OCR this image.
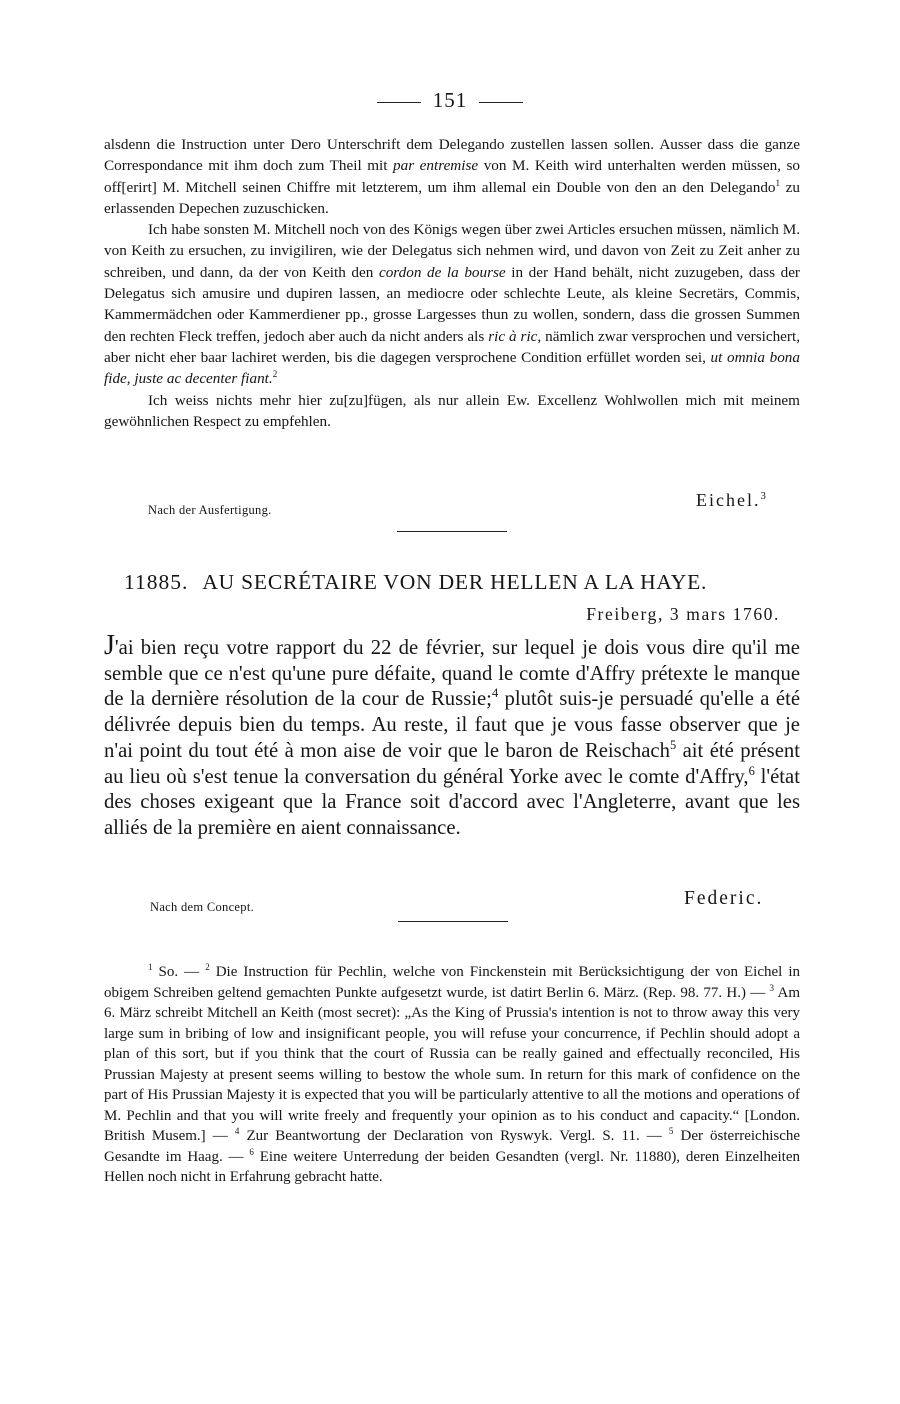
151

alsdenn die Instruction unter Dero Unterschrift dem Delegando zustellen lassen sollen. Ausser dass die ganze Correspondance mit ihm doch zum Theil mit par entremise von M. Keith wird unterhalten werden müssen, so off[erirt] M. Mitchell seinen Chiffre mit letzterem, um ihm allemal ein Double von den an den Delegando$^1$ zu erlassenden Depechen zuzuschicken.

Ich habe sonsten M. Mitchell noch von des Königs wegen über zwei Articles ersuchen müssen, nämlich M. von Keith zu ersuchen, zu invigiliren, wie der Delegatus sich nehmen wird, und davon von Zeit zu Zeit anher zu schreiben, und dann, da der von Keith den cordon de la bourse in der Hand behält, nicht zuzugeben, dass der Delegatus sich amusire und dupiren lassen, an mediocre oder schlechte Leute, als kleine Secretärs, Commis, Kammermädchen oder Kammerdiener pp., grosse Largesses thun zu wollen, sondern, dass die grossen Summen den rechten Fleck treffen, jedoch aber auch da nicht anders als ric à ric, nämlich zwar versprochen und versichert, aber nicht eher baar lachiret werden, bis die dagegen versprochene Condition erfüllet worden sei, ut omnia bona fide, juste ac decenter fiant.$^2$

Ich weiss nichts mehr hier zu[zu]fügen, als nur allein Ew. Excellenz Wohlwollen mich mit meinem gewöhnlichen Respect zu empfehlen.

Nach der Ausfertigung.	Eichel.$^3$
11885. AU SECRÉTAIRE VON DER HELLEN A LA HAYE.
Freiberg, 3 mars 1760.

J'ai bien reçu votre rapport du 22 de février, sur lequel je dois vous dire qu'il me semble que ce n'est qu'une pure défaite, quand le comte d'Affry prétexte le manque de la dernière résolution de la cour de Russie;$^4$ plutôt suis-je persuadé qu'elle a été délivrée depuis bien du temps. Au reste, il faut que je vous fasse observer que je n'ai point du tout été à mon aise de voir que le baron de Reischach$^5$ ait été présent au lieu où s'est tenue la conversation du général Yorke avec le comte d'Affry,$^6$ l'état des choses exigeant que la France soit d'accord avec l'Angleterre, avant que les alliés de la première en aient connaissance.

Nach dem Concept.	Federic.

$^1$ So. — $^2$ Die Instruction für Pechlin, welche von Finckenstein mit Berücksichtigung der von Eichel in obigem Schreiben geltend gemachten Punkte aufgesetzt wurde, ist datirt Berlin 6. März. (Rep. 98. 77. H.) — $^3$ Am 6. März schreibt Mitchell an Keith (most secret): „As the King of Prussia's intention is not to throw away this very large sum in bribing of low and insignificant people, you will refuse your concurrence, if Pechlin should adopt a plan of this sort, but if you think that the court of Russia can be really gained and effectually reconciled, His Prussian Majesty at present seems willing to bestow the whole sum. In return for this mark of confidence on the part of His Prussian Majesty it is expected that you will be particularly attentive to all the motions and operations of M. Pechlin and that you will write freely and frequently your opinion as to his conduct and capacity.“ [London. British Musem.] — $^4$ Zur Beantwortung der Declaration von Ryswyk. Vergl. S. 11. — $^5$ Der österreichische Gesandte im Haag. — $^6$ Eine weitere Unterredung der beiden Gesandten (vergl. Nr. 11880), deren Einzelheiten Hellen noch nicht in Erfahrung gebracht hatte.
